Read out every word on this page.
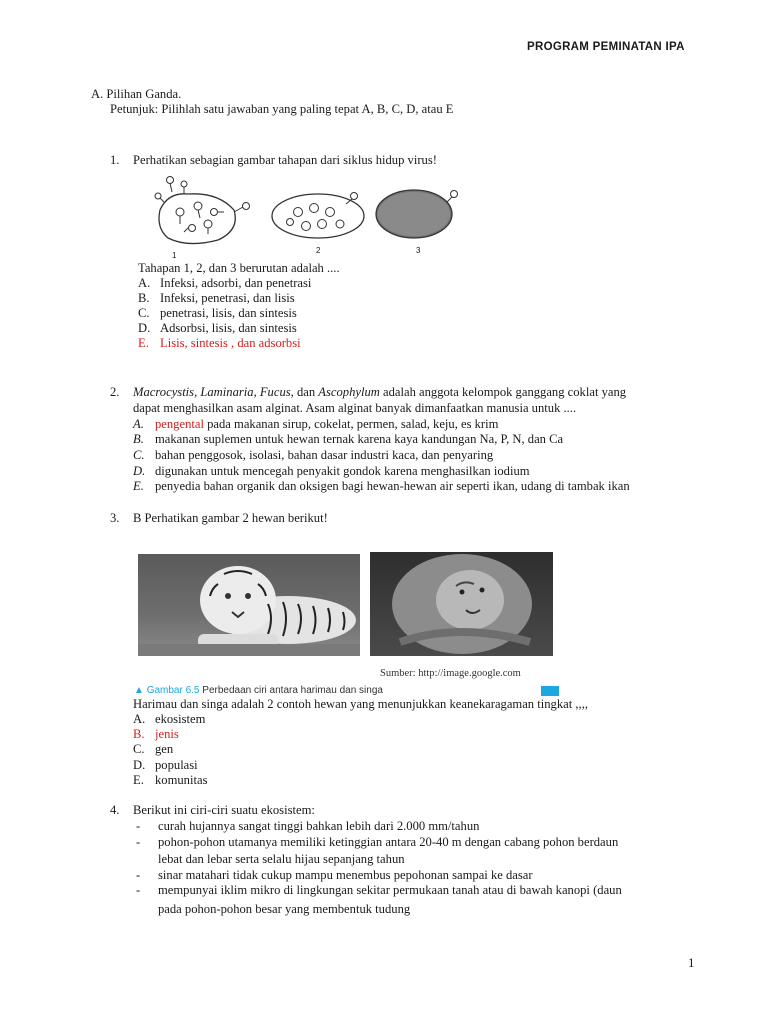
PROGRAM PEMINATAN IPA
A. Pilihan Ganda.
Petunjuk: Pilihlah satu jawaban yang paling tepat A, B, C, D, atau E
1. Perhatikan sebagian gambar tahapan dari siklus hidup virus!
1
2	3
Tahapan 1, 2, dan 3 berurutan adalah ....
A. Infeksi, adsorbi, dan penetrasi
B. Infeksi, penetrasi, dan lisis
C. penetrasi, lisis, dan sintesis
D. Adsorbsi, lisis, dan sintesis
E. Lisis, sintesis , dan adsorbsi
2. Macrocystis, Laminaria, Fucus, dan Ascophylum adalah anggota kelompok ganggang coklat yang
dapat menghasilkan asam alginat. Asam alginat banyak dimanfaatkan manusia untuk ....
A. pengental pada makanan sirup, cokelat, permen, salad, keju, es krim
B. makanan suplemen untuk hewan ternak karena kaya kandungan Na, P, N, dan Ca
C. bahan penggosok, isolasi, bahan dasar industri kaca, dan penyaring
D. digunakan untuk mencegah penyakit gondok karena menghasilkan iodium
E. penyedia bahan organik dan oksigen bagi hewan-hewan air seperti ikan, udang di tambak ikan
3. B Perhatikan gambar 2 hewan berikut!
Sumber: http://image.google.com
▲ Gambar 6.5 Perbedaan ciri antara harimau dan singa
Harimau dan singa adalah 2 contoh hewan yang menunjukkan keanekaragaman tingkat ,,,,
A. ekosistem
B. jenis
C. gen
D. populasi
E. komunitas
4. Berikut ini ciri-ciri suatu ekosistem:
- curah hujannya sangat tinggi bahkan lebih dari 2.000 mm/tahun
- pohon-pohon utamanya memiliki ketinggian antara 20-40 m dengan cabang pohon berdaun
lebat dan lebar serta selalu hijau sepanjang tahun
- sinar matahari tidak cukup mampu menembus pepohonan sampai ke dasar
- mempunyai iklim mikro di lingkungan sekitar permukaan tanah atau di bawah kanopi (daun
pada pohon-pohon besar yang membentuk tudung
1
